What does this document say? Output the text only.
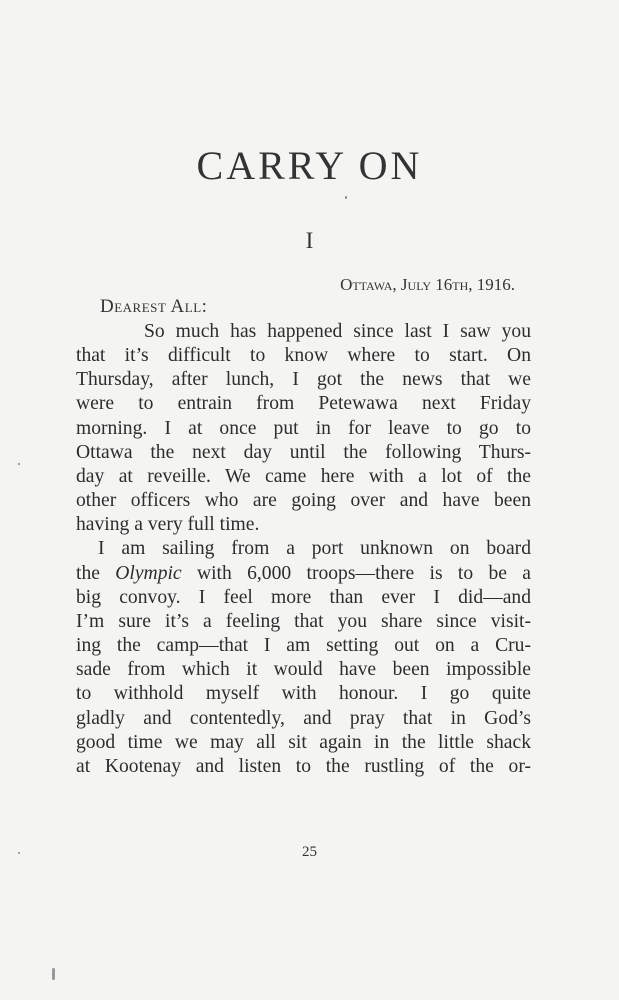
CARRY ON
I
Ottawa, July 16th, 1916.
Dearest All:
So much has happened since last I saw you
that it’s difficult to know where to start. On
Thursday, after lunch, I got the news that we
were to entrain from Petewawa next Friday
morning. I at once put in for leave to go to
Ottawa the next day until the following Thurs-
day at reveille. We came here with a lot of the
other officers who are going over and have been
having a very full time.
I am sailing from a port unknown on board
the Olympic with 6,000 troops—there is to be a
big convoy. I feel more than ever I did—and
I’m sure it’s a feeling that you share since visit-
ing the camp—that I am setting out on a Cru-
sade from which it would have been impossible
to withhold myself with honour. I go quite
gladly and contentedly, and pray that in God’s
good time we may all sit again in the little shack
at Kootenay and listen to the rustling of the or-
25
